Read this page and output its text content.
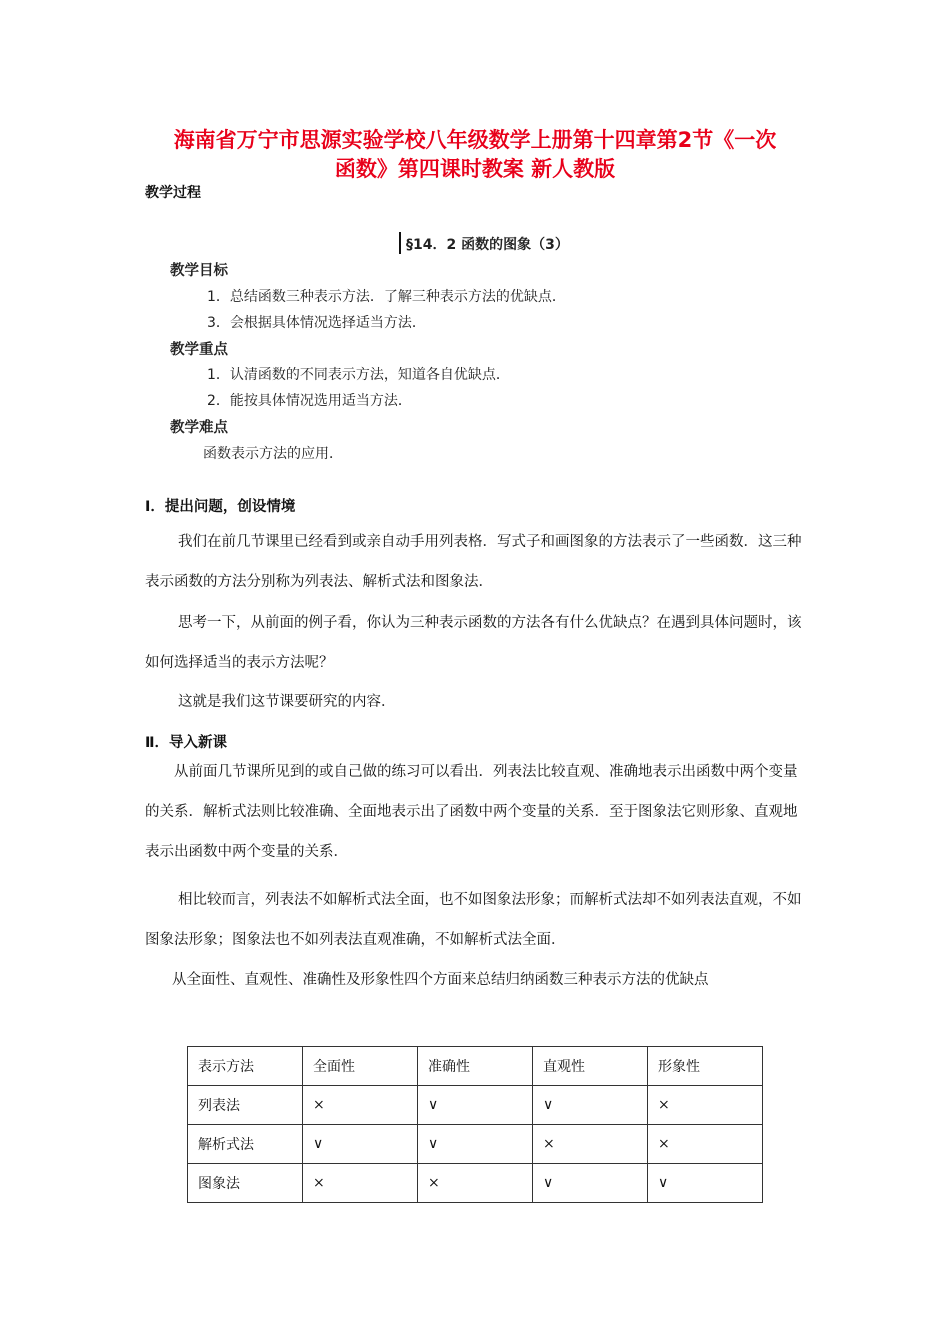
海南省万宁市思源实验学校八年级数学上册第十四章第2节《一次
函数》第四课时教案 新人教版
教学过程
§14．2 函数的图象（3）
教学目标
1．总结函数三种表示方法．了解三种表示方法的优缺点．
3．会根据具体情况选择适当方法．
教学重点
1．认清函数的不同表示方法，知道各自优缺点．
2．能按具体情况选用适当方法．
教学难点
函数表示方法的应用．
Ⅰ．提出问题，创设情境
我们在前几节课里已经看到或亲自动手用列表格．写式子和画图象的方法表示了一些函数．这三种表示函数的方法分别称为列表法、解析式法和图象法．
思考一下，从前面的例子看，你认为三种表示函数的方法各有什么优缺点？在遇到具体问题时，该如何选择适当的表示方法呢？
这就是我们这节课要研究的内容．
Ⅱ．导入新课
从前面几节课所见到的或自己做的练习可以看出．列表法比较直观、准确地表示出函数中两个变量的关系．解析式法则比较准确、全面地表示出了函数中两个变量的关系．至于图象法它则形象、直观地表示出函数中两个变量的关系．
相比较而言，列表法不如解析式法全面，也不如图象法形象；而解析式法却不如列表法直观，不如图象法形象；图象法也不如列表法直观准确，不如解析式法全面．
从全面性、直观性、准确性及形象性四个方面来总结归纳函数三种表示方法的优缺点
表示方法	全面性	准确性	直观性	形象性
列表法	×	∨	∨	×
解析式法	∨	∨	×	×
图象法	×	×	∨	∨
